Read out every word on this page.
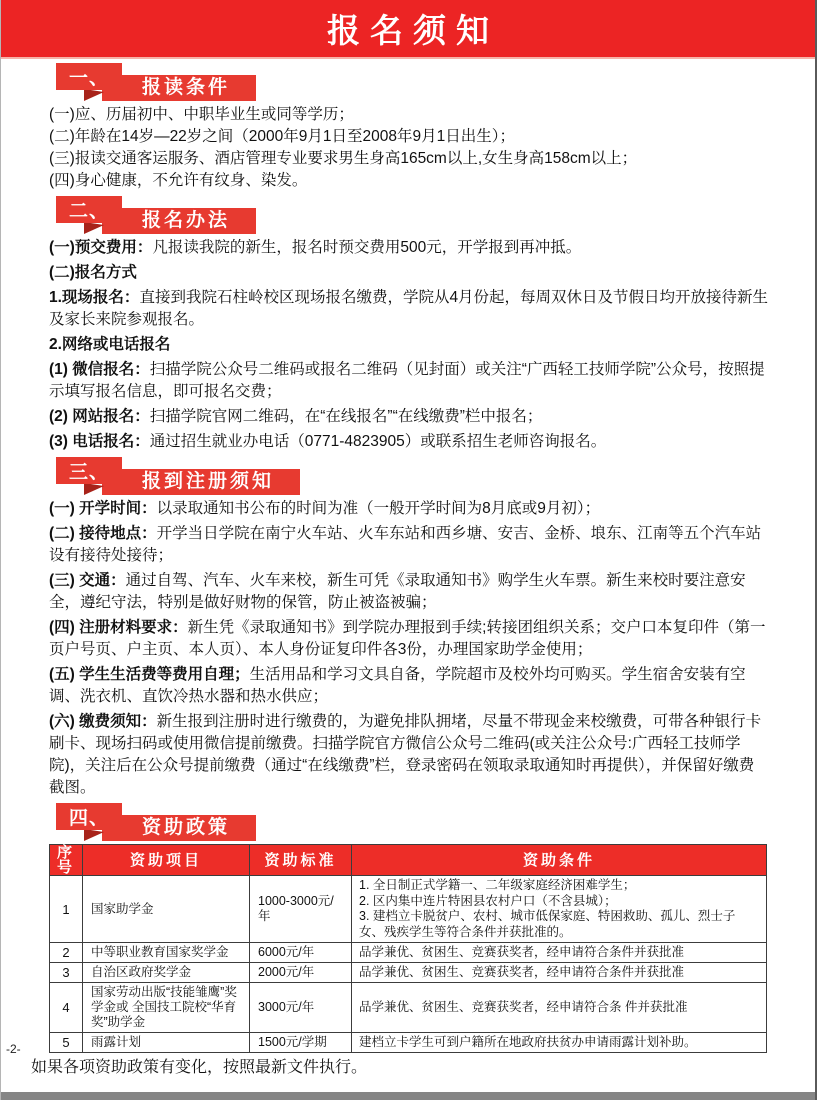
报名须知
报读条件
一、
(一)应、历届初中、中职毕业生或同等学历；
(二)年龄在14岁—22岁之间（2000年9月1日至2008年9月1日出生）；
(三)报读交通客运服务、酒店管理专业要求男生身高165cm以上,女生身高158cm以上；
(四)身心健康，不允许有纹身、染发。
报名办法
二、
(一)预交费用：凡报读我院的新生，报名时预交费用500元，开学报到再冲抵。
(二)报名方式
1.现场报名：直接到我院石柱岭校区现场报名缴费，学院从4月份起，每周双休日及节假日均开放接待新生及家长来院参观报名。
2.网络或电话报名
(1) 微信报名：扫描学院公众号二维码或报名二维码（见封面）或关注“广西轻工技师学院”公众号，按照提示填写报名信息，即可报名交费；
(2) 网站报名：扫描学院官网二维码，在“在线报名”“在线缴费”栏中报名；
(3) 电话报名：通过招生就业办电话（0771-4823905）或联系招生老师咨询报名。
报到注册须知
三、
(一) 开学时间：以录取通知书公布的时间为准（一般开学时间为8月底或9月初）；
(二) 接待地点：开学当日学院在南宁火车站、火车东站和西乡塘、安吉、金桥、埌东、江南等五个汽车站设有接待处接待；
(三) 交通：通过自驾、汽车、火车来校，新生可凭《录取通知书》购学生火车票。新生来校时要注意安全，遵纪守法，特别是做好财物的保管，防止被盗被骗；
(四) 注册材料要求：新生凭《录取通知书》到学院办理报到手续;转接团组织关系；交户口本复印件（第一页户号页、户主页、本人页）、本人身份证复印件各3份，办理国家助学金使用；
(五) 学生生活费等费用自理；生活用品和学习文具自备，学院超市及校外均可购买。学生宿舍安装有空调、洗衣机、直饮冷热水器和热水供应；
(六) 缴费须知：新生报到注册时进行缴费的，为避免排队拥堵，尽量不带现金来校缴费，可带各种银行卡刷卡、现场扫码或使用微信提前缴费。扫描学院官方微信公众号二维码(或关注公众号:广西轻工技师学院)，关注后在公众号提前缴费（通过“在线缴费”栏，登录密码在领取录取通知时再提供），并保留好缴费截图。
资助政策
四、
序号	资助项目	资助标准	资助条件
1	国家助学金	1000-3000元/年	1. 全日制正式学籍一、二年级家庭经济困难学生；
2. 区内集中连片特困县农村户口（不含县城）；
3. 建档立卡脱贫户、农村、城市低保家庭、特困救助、孤儿、烈士子女、残疾学生等符合条件并获批准的。

2	中等职业教育国家奖学金	6000元/年	品学兼优、贫困生、竞赛获奖者，经申请符合条件并获批准
3	自治区政府奖学金	2000元/年	品学兼优、贫困生、竞赛获奖者，经申请符合条件并获批准
4	国家劳动出版“技能雏鹰”奖学金或 全国技工院校“华育奖”助学金	3000元/年	品学兼优、贫困生、竞赛获奖者，经申请符合条 件并获批准
5	雨露计划	1500元/学期	建档立卡学生可到户籍所在地政府扶贫办申请雨露计划补助。
如果各项资助政策有变化，按照最新文件执行。
-2-
